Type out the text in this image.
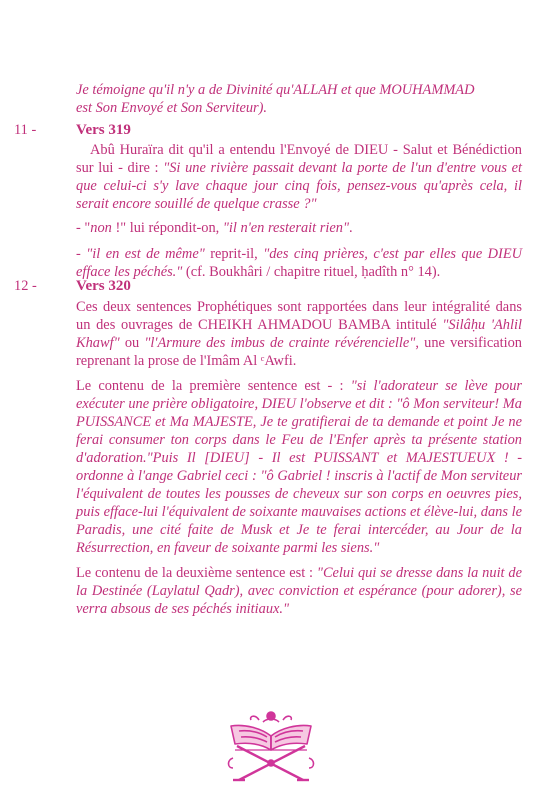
Je témoigne qu'il n'y a de Divinité qu'ALLAH et que MOUHAMMAD
est Son Envoyé et Son Serviteur).
11 -	Vers 319

Abû Huraïra dit qu'il a entendu l'Envoyé de DIEU - Salut et Bénédiction sur lui - dire : "Si une rivière passait devant la porte de l'un d'entre vous et que celui-ci s'y lave chaque jour cinq fois, pensez-vous qu'après cela, il serait encore souillé de quelque crasse ?"

- "non !" lui répondit-on, "il n'en resterait rien".

- "il en est de même" reprit-il, "des cinq prières, c'est par elles que DIEU efface les péchés." (cf. Boukhâri / chapitre rituel, ḥadîth n° 14).

12 -	Vers 320

Ces deux sentences Prophétiques sont rapportées dans leur intégralité dans un des ouvrages de CHEIKH AHMADOU BAMBA intitulé "Silâḥu 'Ahlil Khawf" ou "l'Armure des imbus de crainte révérencielle", une versification reprenant la prose de l'Imâm Al ᶜAwfi.

Le contenu de la première sentence est - : "si l'adorateur se lève pour exécuter une prière obligatoire, DIEU l'observe et dit : "ô Mon serviteur! Ma PUISSANCE et Ma MAJESTE, Je te gratifierai de ta demande et point Je ne ferai consumer ton corps dans le Feu de l'Enfer après ta présente station d'adoration."Puis Il [DIEU] - Il est PUISSANT et MAJESTUEUX ! - ordonne à l'ange Gabriel ceci : "ô Gabriel ! inscris à l'actif de Mon serviteur l'équivalent de toutes les pousses de cheveux sur son corps en oeuvres pies, puis efface-lui l'équivalent de soixante mauvaises actions et élève-lui, dans le Paradis, une cité faite de Musk et Je te ferai intercéder, au Jour de la Résurrection, en faveur de soixante parmi les siens."

Le contenu de la deuxième sentence est : "Celui qui se dresse dans la nuit de la Destinée (Laylatul Qadr), avec conviction et espérance (pour adorer), se verra absous de ses péchés initiaux."
